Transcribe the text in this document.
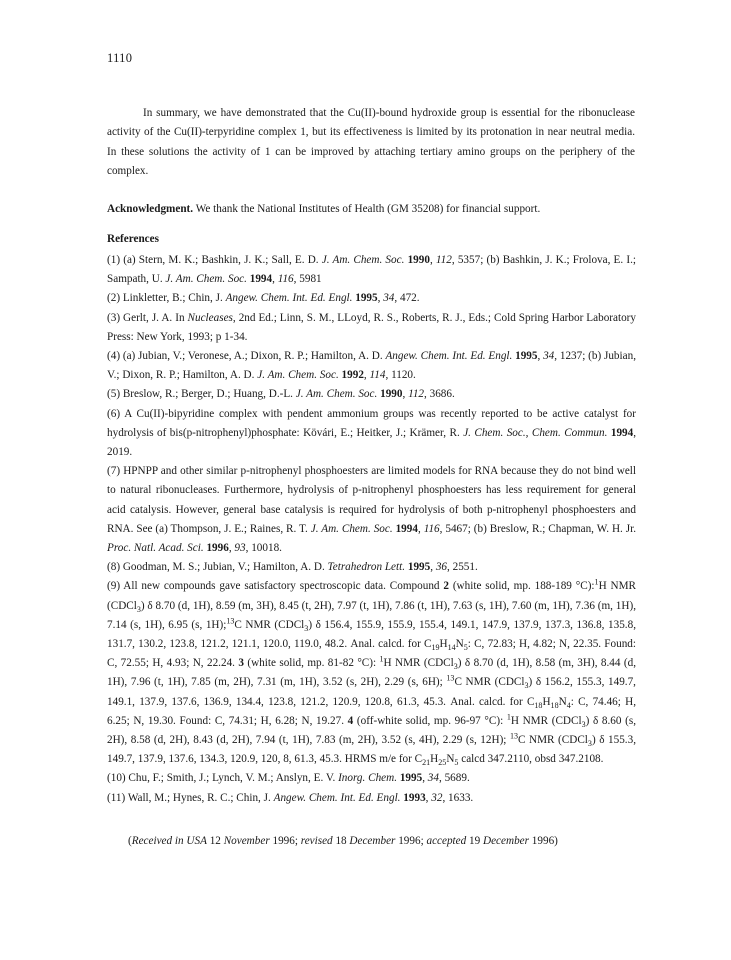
1110

In summary, we have demonstrated that the Cu(II)-bound hydroxide group is essential for the ribonuclease activity of the Cu(II)-terpyridine complex 1, but its effectiveness is limited by its protonation in near neutral media. In these solutions the activity of 1 can be improved by attaching tertiary amino groups on the periphery of the complex.

Acknowledgment. We thank the National Institutes of Health (GM 35208) for financial support.

References

(1) (a) Stern, M. K.; Bashkin, J. K.; Sall, E. D. J. Am. Chem. Soc. 1990, 112, 5357; (b) Bashkin, J. K.; Frolova, E. I.; Sampath, U. J. Am. Chem. Soc. 1994, 116, 5981

(2) Linkletter, B.; Chin, J. Angew. Chem. Int. Ed. Engl. 1995, 34, 472.

(3) Gerlt, J. A. In Nucleases, 2nd Ed.; Linn, S. M., LLoyd, R. S., Roberts, R. J., Eds.; Cold Spring Harbor Laboratory Press: New York, 1993; p 1-34.

(4) (a) Jubian, V.; Veronese, A.; Dixon, R. P.; Hamilton, A. D. Angew. Chem. Int. Ed. Engl. 1995, 34, 1237; (b) Jubian, V.; Dixon, R. P.; Hamilton, A. D. J. Am. Chem. Soc. 1992, 114, 1120.

(5) Breslow, R.; Berger, D.; Huang, D.-L. J. Am. Chem. Soc. 1990, 112, 3686.

(6) A Cu(II)-bipyridine complex with pendent ammonium groups was recently reported to be active catalyst for hydrolysis of bis(p-nitrophenyl)phosphate: Kövári, E.; Heitker, J.; Krämer, R. J. Chem. Soc., Chem. Commun. 1994, 2019.

(7) HPNPP and other similar p-nitrophenyl phosphoesters are limited models for RNA because they do not bind well to natural ribonucleases. Furthermore, hydrolysis of p-nitrophenyl phosphoesters has less requirement for general acid catalysis. However, general base catalysis is required for hydrolysis of both p-nitrophenyl phosphoesters and RNA. See (a) Thompson, J. E.; Raines, R. T. J. Am. Chem. Soc. 1994, 116, 5467; (b) Breslow, R.; Chapman, W. H. Jr. Proc. Natl. Acad. Sci. 1996, 93, 10018.

(8) Goodman, M. S.; Jubian, V.; Hamilton, A. D. Tetrahedron Lett. 1995, 36, 2551.

(9) All new compounds gave satisfactory spectroscopic data. Compound 2 (white solid, mp. 188-189 °C):$^1$H NMR (CDCl$_3$) δ 8.70 (d, 1H), 8.59 (m, 3H), 8.45 (t, 2H), 7.97 (t, 1H), 7.86 (t, 1H), 7.63 (s, 1H), 7.60 (m, 1H), 7.36 (m, 1H), 7.14 (s, 1H), 6.95 (s, 1H);$^{13}$C NMR (CDCl$_3$) δ 156.4, 155.9, 155.9, 155.4, 149.1, 147.9, 137.9, 137.3, 136.8, 135.8, 131.7, 130.2, 123.8, 121.2, 121.1, 120.0, 119.0, 48.2. Anal. calcd. for $C_{19}H_{14}N_5$: C, 72.83; H, 4.82; N, 22.35. Found: C, 72.55; H, 4.93; N, 22.24. 3 (white solid, mp. 81-82 °C): $^1$H NMR (CDCl$_3$) δ 8.70 (d, 1H), 8.58 (m, 3H), 8.44 (d, 1H), 7.96 (t, 1H), 7.85 (m, 2H), 7.31 (m, 1H), 3.52 (s, 2H), 2.29 (s, 6H); $^{13}$C NMR (CDCl$_3$) δ 156.2, 155.3, 149.7, 149.1, 137.9, 137.6, 136.9, 134.4, 123.8, 121.2, 120.9, 120.8, 61.3, 45.3. Anal. calcd. for $C_{18}H_{18}N_4$: C, 74.46; H, 6.25; N, 19.30. Found: C, 74.31; H, 6.28; N, 19.27. 4 (off-white solid, mp. 96-97 °C): $^1$H NMR (CDCl$_3$) δ 8.60 (s, 2H), 8.58 (d, 2H), 8.43 (d, 2H), 7.94 (t, 1H), 7.83 (m, 2H), 3.52 (s, 4H), 2.29 (s, 12H); $^{13}$C NMR (CDCl$_3$) δ 155.3, 149.7, 137.9, 137.6, 134.3, 120.9, 120, 8, 61.3, 45.3. HRMS m/e for $C_{21}H_{25}N_5$ calcd 347.2110, obsd 347.2108.

(10) Chu, F.; Smith, J.; Lynch, V. M.; Anslyn, E. V. Inorg. Chem. 1995, 34, 5689.

(11) Wall, M.; Hynes, R. C.; Chin, J. Angew. Chem. Int. Ed. Engl. 1993, 32, 1633.

(Received in USA 12 November 1996; revised 18 December 1996; accepted 19 December 1996)
